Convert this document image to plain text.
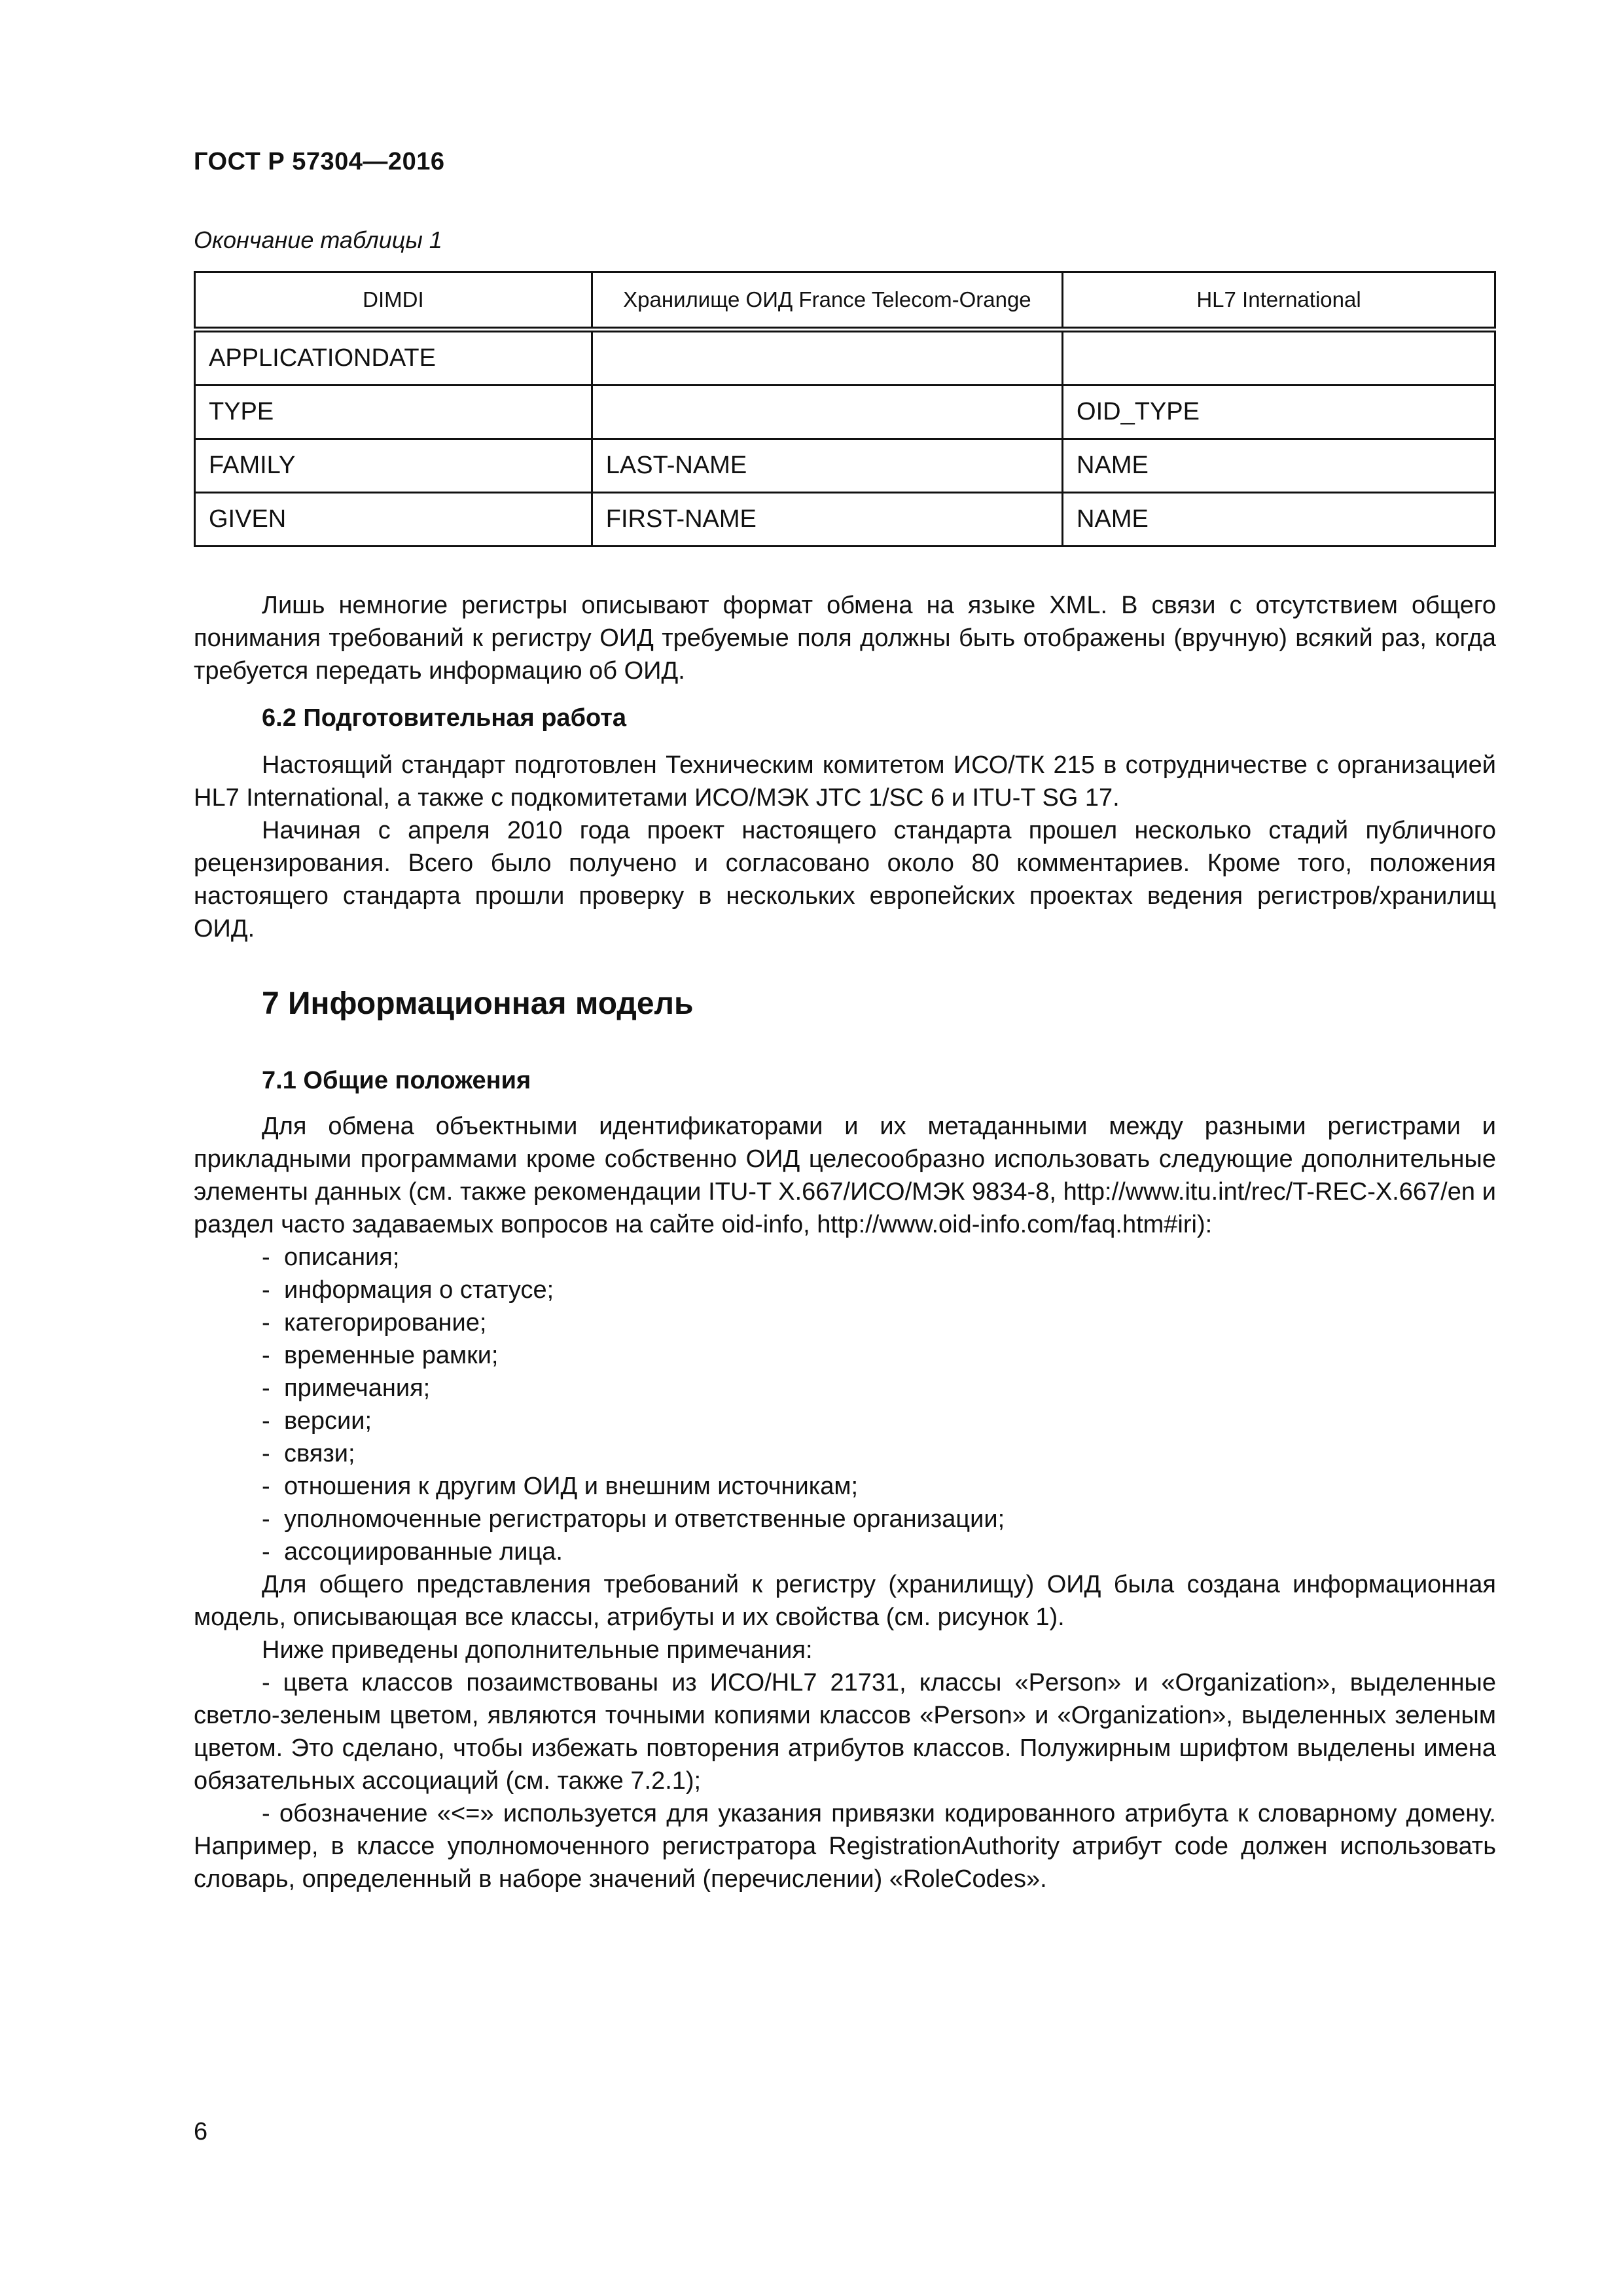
ГОСТ Р 57304—2016
Окончание таблицы 1
DIMDI	Хранилище ОИД France Telecom-Orange	HL7 International
APPLICATIONDATE		
TYPE		OID_TYPE
FAMILY	LAST-NAME	NAME
GIVEN	FIRST-NAME	NAME

Лишь немногие регистры описывают формат обмена на языке XML. В связи с отсутствием общего понимания требований к регистру ОИД требуемые поля должны быть отображены (вручную) всякий раз, когда требуется передать информацию об ОИД.

6.2 Подготовительная работа

Настоящий стандарт подготовлен Техническим комитетом ИСО/ТК 215 в сотрудничестве с организацией HL7 International, а также с подкомитетами ИСО/МЭК JTC 1/SC 6 и ITU-T SG 17.

Начиная с апреля 2010 года проект настоящего стандарта прошел несколько стадий публичного рецензирования. Всего было получено и согласовано около 80 комментариев. Кроме того, положения настоящего стандарта прошли проверку в нескольких европейских проектах ведения регистров/хранилищ ОИД.

7 Информационная модель

7.1 Общие положения

Для обмена объектными идентификаторами и их метаданными между разными регистрами и прикладными программами кроме собственно ОИД целесообразно использовать следующие дополнительные элементы данных (см. также рекомендации ITU-T X.667/ИСО/МЭК 9834-8, http://www.itu.int/rec/T-REC-X.667/en и раздел часто задаваемых вопросов на сайте oid-info, http://www.oid-info.com/faq.htm#iri):

- описания;
- информация о статусе;
- категорирование;
- временные рамки;
- примечания;
- версии;
- связи;
- отношения к другим ОИД и внешним источникам;
- уполномоченные регистраторы и ответственные организации;
- ассоциированные лица.

Для общего представления требований к регистру (хранилищу) ОИД была создана информационная модель, описывающая все классы, атрибуты и их свойства (см. рисунок 1).

Ниже приведены дополнительные примечания:

- цвета классов позаимствованы из ИСО/HL7 21731, классы «Person» и «Organization», выделенные светло-зеленым цветом, являются точными копиями классов «Person» и «Organization», выделенных зеленым цветом. Это сделано, чтобы избежать повторения атрибутов классов. Полужирным шрифтом выделены имена обязательных ассоциаций (см. также 7.2.1);

- обозначение «<=» используется для указания привязки кодированного атрибута к словарному домену. Например, в классе уполномоченного регистратора RegistrationAuthority атрибут code должен использовать словарь, определенный в наборе значений (перечислении) «RoleCodes».

6
